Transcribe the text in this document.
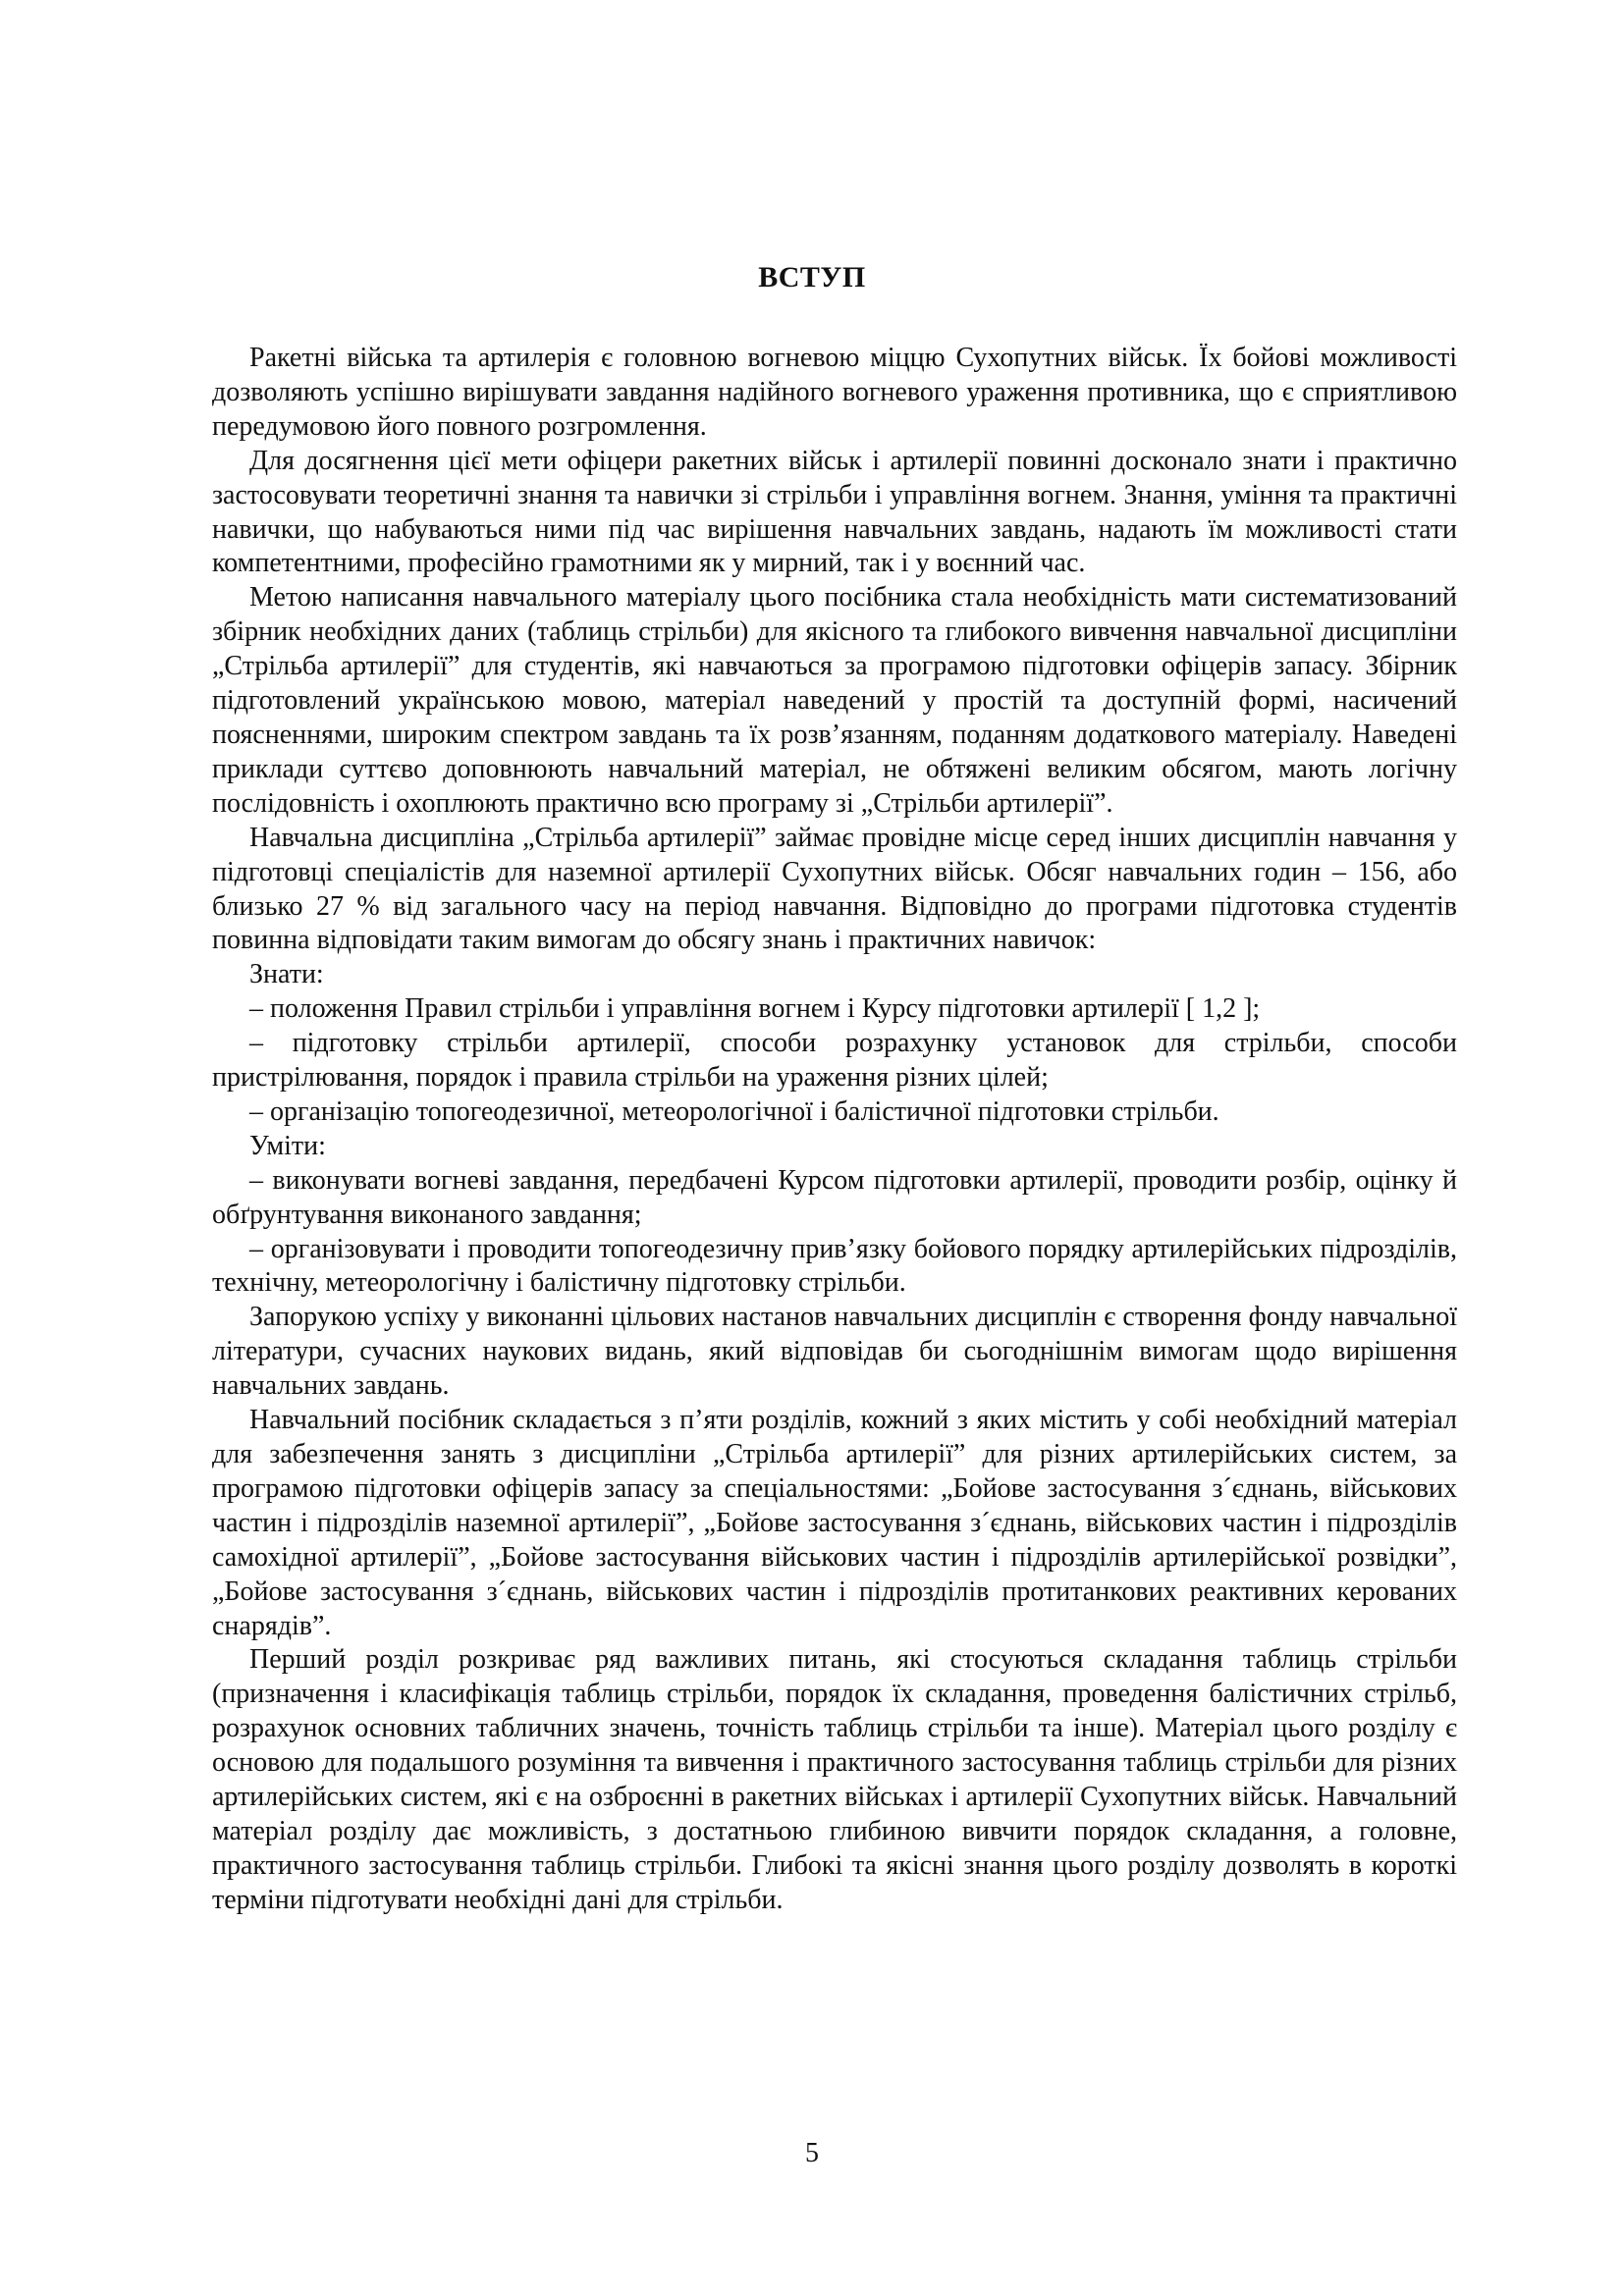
ВСТУП

Ракетні війська та артилерія є головною вогневою міццю Сухопутних військ. Їх бойові можливості дозволяють успішно вирішувати завдання надійного вогневого ураження противника, що є сприятливою передумовою його повного розгромлення.

Для досягнення цієї мети офіцери ракетних військ і артилерії повинні досконало знати і практично застосовувати теоретичні знання та навички зі стрільби і управління вогнем. Знання, уміння та практичні навички, що набуваються ними під час вирішення навчальних завдань, надають їм можливості стати компетентними, професійно грамотними як у мирний, так і у воєнний час.

Метою написання навчального матеріалу цього посібника стала необхідність мати систематизований збірник необхідних даних (таблиць стрільби) для якісного та глибокого вивчення навчальної дисципліни „Стрільба артилерії” для студентів, які навчаються за програмою підготовки офіцерів запасу. Збірник підготовлений українською мовою, матеріал наведений у простій та доступній формі, насичений поясненнями, широким спектром завдань та їх розв’язанням, поданням додаткового матеріалу. Наведені приклади суттєво доповнюють навчальний матеріал, не обтяжені великим обсягом, мають логічну послідовність і охоплюють практично всю програму зі „Стрільби артилерії”.

Навчальна дисципліна „Стрільба артилерії” займає провідне місце серед інших дисциплін навчання у підготовці спеціалістів для наземної артилерії Сухопутних військ. Обсяг навчальних годин – 156, або близько 27 % від загального часу на період навчання. Відповідно до програми підготовка студентів повинна відповідати таким вимогам до обсягу знань і практичних навичок:

Знати:

– положення Правил стрільби і управління вогнем і Курсу підготовки артилерії [ 1,2 ];

– підготовку стрільби артилерії, способи розрахунку установок для стрільби, способи пристрілювання, порядок і правила стрільби на ураження різних цілей;

– організацію топогеодезичної, метеорологічної і балістичної підготовки стрільби.

Уміти:

– виконувати вогневі завдання, передбачені Курсом підготовки артилерії, проводити розбір, оцінку й обґрунтування виконаного завдання;

– організовувати і проводити топогеодезичну прив’язку бойового порядку артилерійських підрозділів, технічну, метеорологічну і балістичну підготовку стрільби.

Запорукою успіху у виконанні цільових настанов навчальних дисциплін є створення фонду навчальної літератури, сучасних наукових видань, який відповідав би сьогоднішнім вимогам щодо вирішення навчальних завдань.

Навчальний посібник складається з п’яти розділів, кожний з яких містить у собі необхідний матеріал для забезпечення занять з дисципліни „Стрільба артилерії” для різних артилерійських систем, за програмою підготовки офіцерів запасу за спеціальностями: „Бойове застосування з´єднань, військових частин і підрозділів наземної артилерії”, „Бойове застосування з´єднань, військових частин і підрозділів самохідної артилерії”, „Бойове застосування військових частин і підрозділів артилерійської розвідки”, „Бойове застосування з´єднань, військових частин і підрозділів протитанкових реактивних керованих снарядів”.

Перший розділ розкриває ряд важливих питань, які стосуються складання таблиць стрільби (призначення і класифікація таблиць стрільби, порядок їх складання, проведення балістичних стрільб, розрахунок основних табличних значень, точність таблиць стрільби та інше). Матеріал цього розділу є основою для подальшого розуміння та вивчення і практичного застосування таблиць стрільби для різних артилерійських систем, які є на озброєнні в ракетних військах і артилерії Сухопутних військ. Навчальний матеріал розділу дає можливість, з достатньою глибиною вивчити порядок складання, а головне, практичного застосування таблиць стрільби. Глибокі та якісні знання цього розділу дозволять в короткі терміни підготувати необхідні дані для стрільби.

5
